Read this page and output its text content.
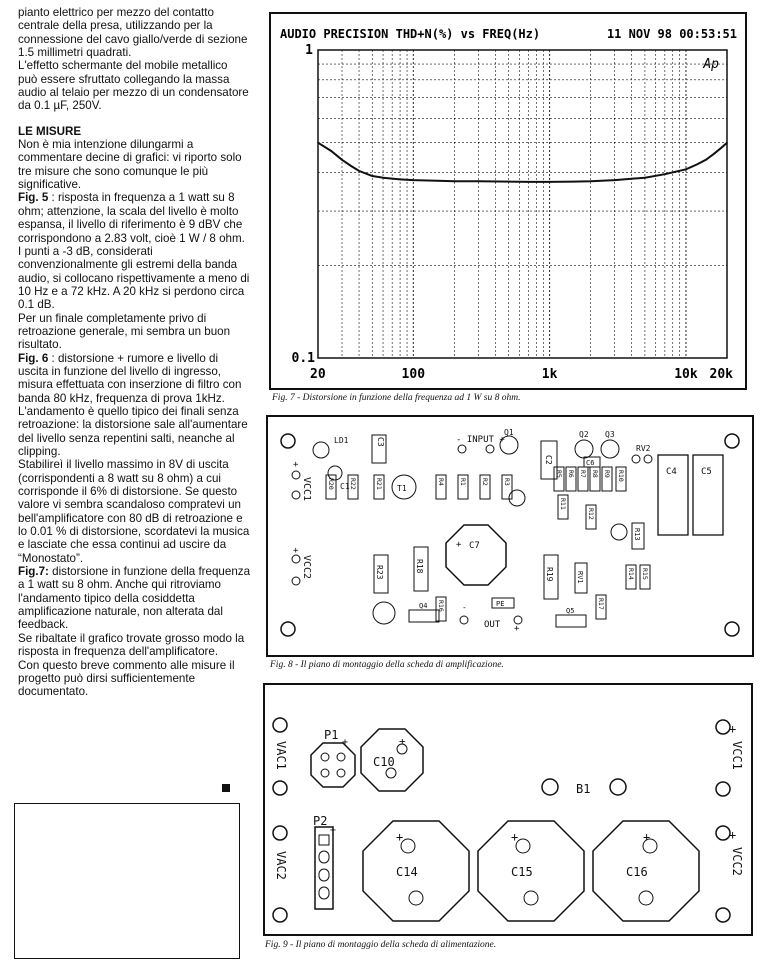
pianto elettrico per mezzo del contatto centrale della presa, utilizzando per la connessione del cavo giallo/verde di sezione 1.5 millimetri quadrati.

L'effetto schermante del mobile metallico può essere sfruttato collegando la massa audio al telaio per mezzo di un condensatore da 0.1 µF, 250V.

LE MISURE

Non è mia intenzione dilungarmi a commentare decine di grafici: vi riporto solo tre misure che sono comunque le più significative.

Fig. 5 : risposta in frequenza a 1 watt su 8 ohm; attenzione, la scala del livello è molto espansa, il livello di riferimento è 9 dBV che corrispondono a 2.83 volt, cioè 1 W / 8 ohm.

I punti a -3 dB, considerati convenzionalmente gli estremi della banda audio, si collocano rispettivamente a meno di 10 Hz e a 72 kHz. A 20 kHz si perdono circa 0.1 dB.

Per un finale completamente privo di retroazione generale, mi sembra un buon risultato.

Fig. 6 : distorsione + rumore e livello di uscita in funzione del livello di ingresso, misura effettuata con inserzione di filtro con banda 80 kHz, frequenza di prova 1kHz.

L'andamento è quello tipico dei finali senza retroazione: la distorsione sale all'aumentare del livello senza repentini salti, neanche al clipping.

Stabilireì il livello massimo in 8V di uscita (corrispondenti a 8 watt su 8 ohm) a cui corrisponde il 6% di distorsione. Se questo valore vi sembra scandaloso compratevi un bell'amplificatore con 80 dB di retroazione e lo 0.01 % di distorsione, scordatevi la musica e lasciate che essa continui ad uscire da “Monostato”.

Fig.7: distorsione in funzione della frequenza a 1 watt su 8 ohm. Anche qui ritroviamo l'andamento tipico della cosiddetta amplificazione naturale, non alterata dal feedback.

Se ribaltate il grafico trovate grosso modo la risposta in frequenza dell'amplificatore.

Con questo breve commento alle misure il progetto può dirsi sufficientemente documentato.

AUDIO PRECISION THD+N(%) vs FREQ(Hz)	11 NOV 98 00:53:51
Ap
1
0.1
20	100	1k	10k 20k
Fig. 7 - Distorsione in funzione della frequenza ad 1 W su 8 ohm.
+
VCC1
+
VCC2
LD1
C1
- INPUT +
Q1	Q2 Q3
C2
C3
C6
C4	C5
RV2
T1
C7
+
R18
R23	R19
PE
RV1
R13
Q4
Q5
-
OUT +
R20 R22	R21	R4 R1 R2 R3
R5 R6 R7 R8 R9 R10
R11
R12
R14 R15
R16	R17
Fig. 8 - Il piano di montaggio della scheda di amplificazione.
VAC1
VAC2
+
VCC1
+
VCC2
P1
+
C10
+
P2
+
B1
+
C14
+
C15
+
C16
Fig. 9 - Il piano di montaggio della scheda di alimentazione.
